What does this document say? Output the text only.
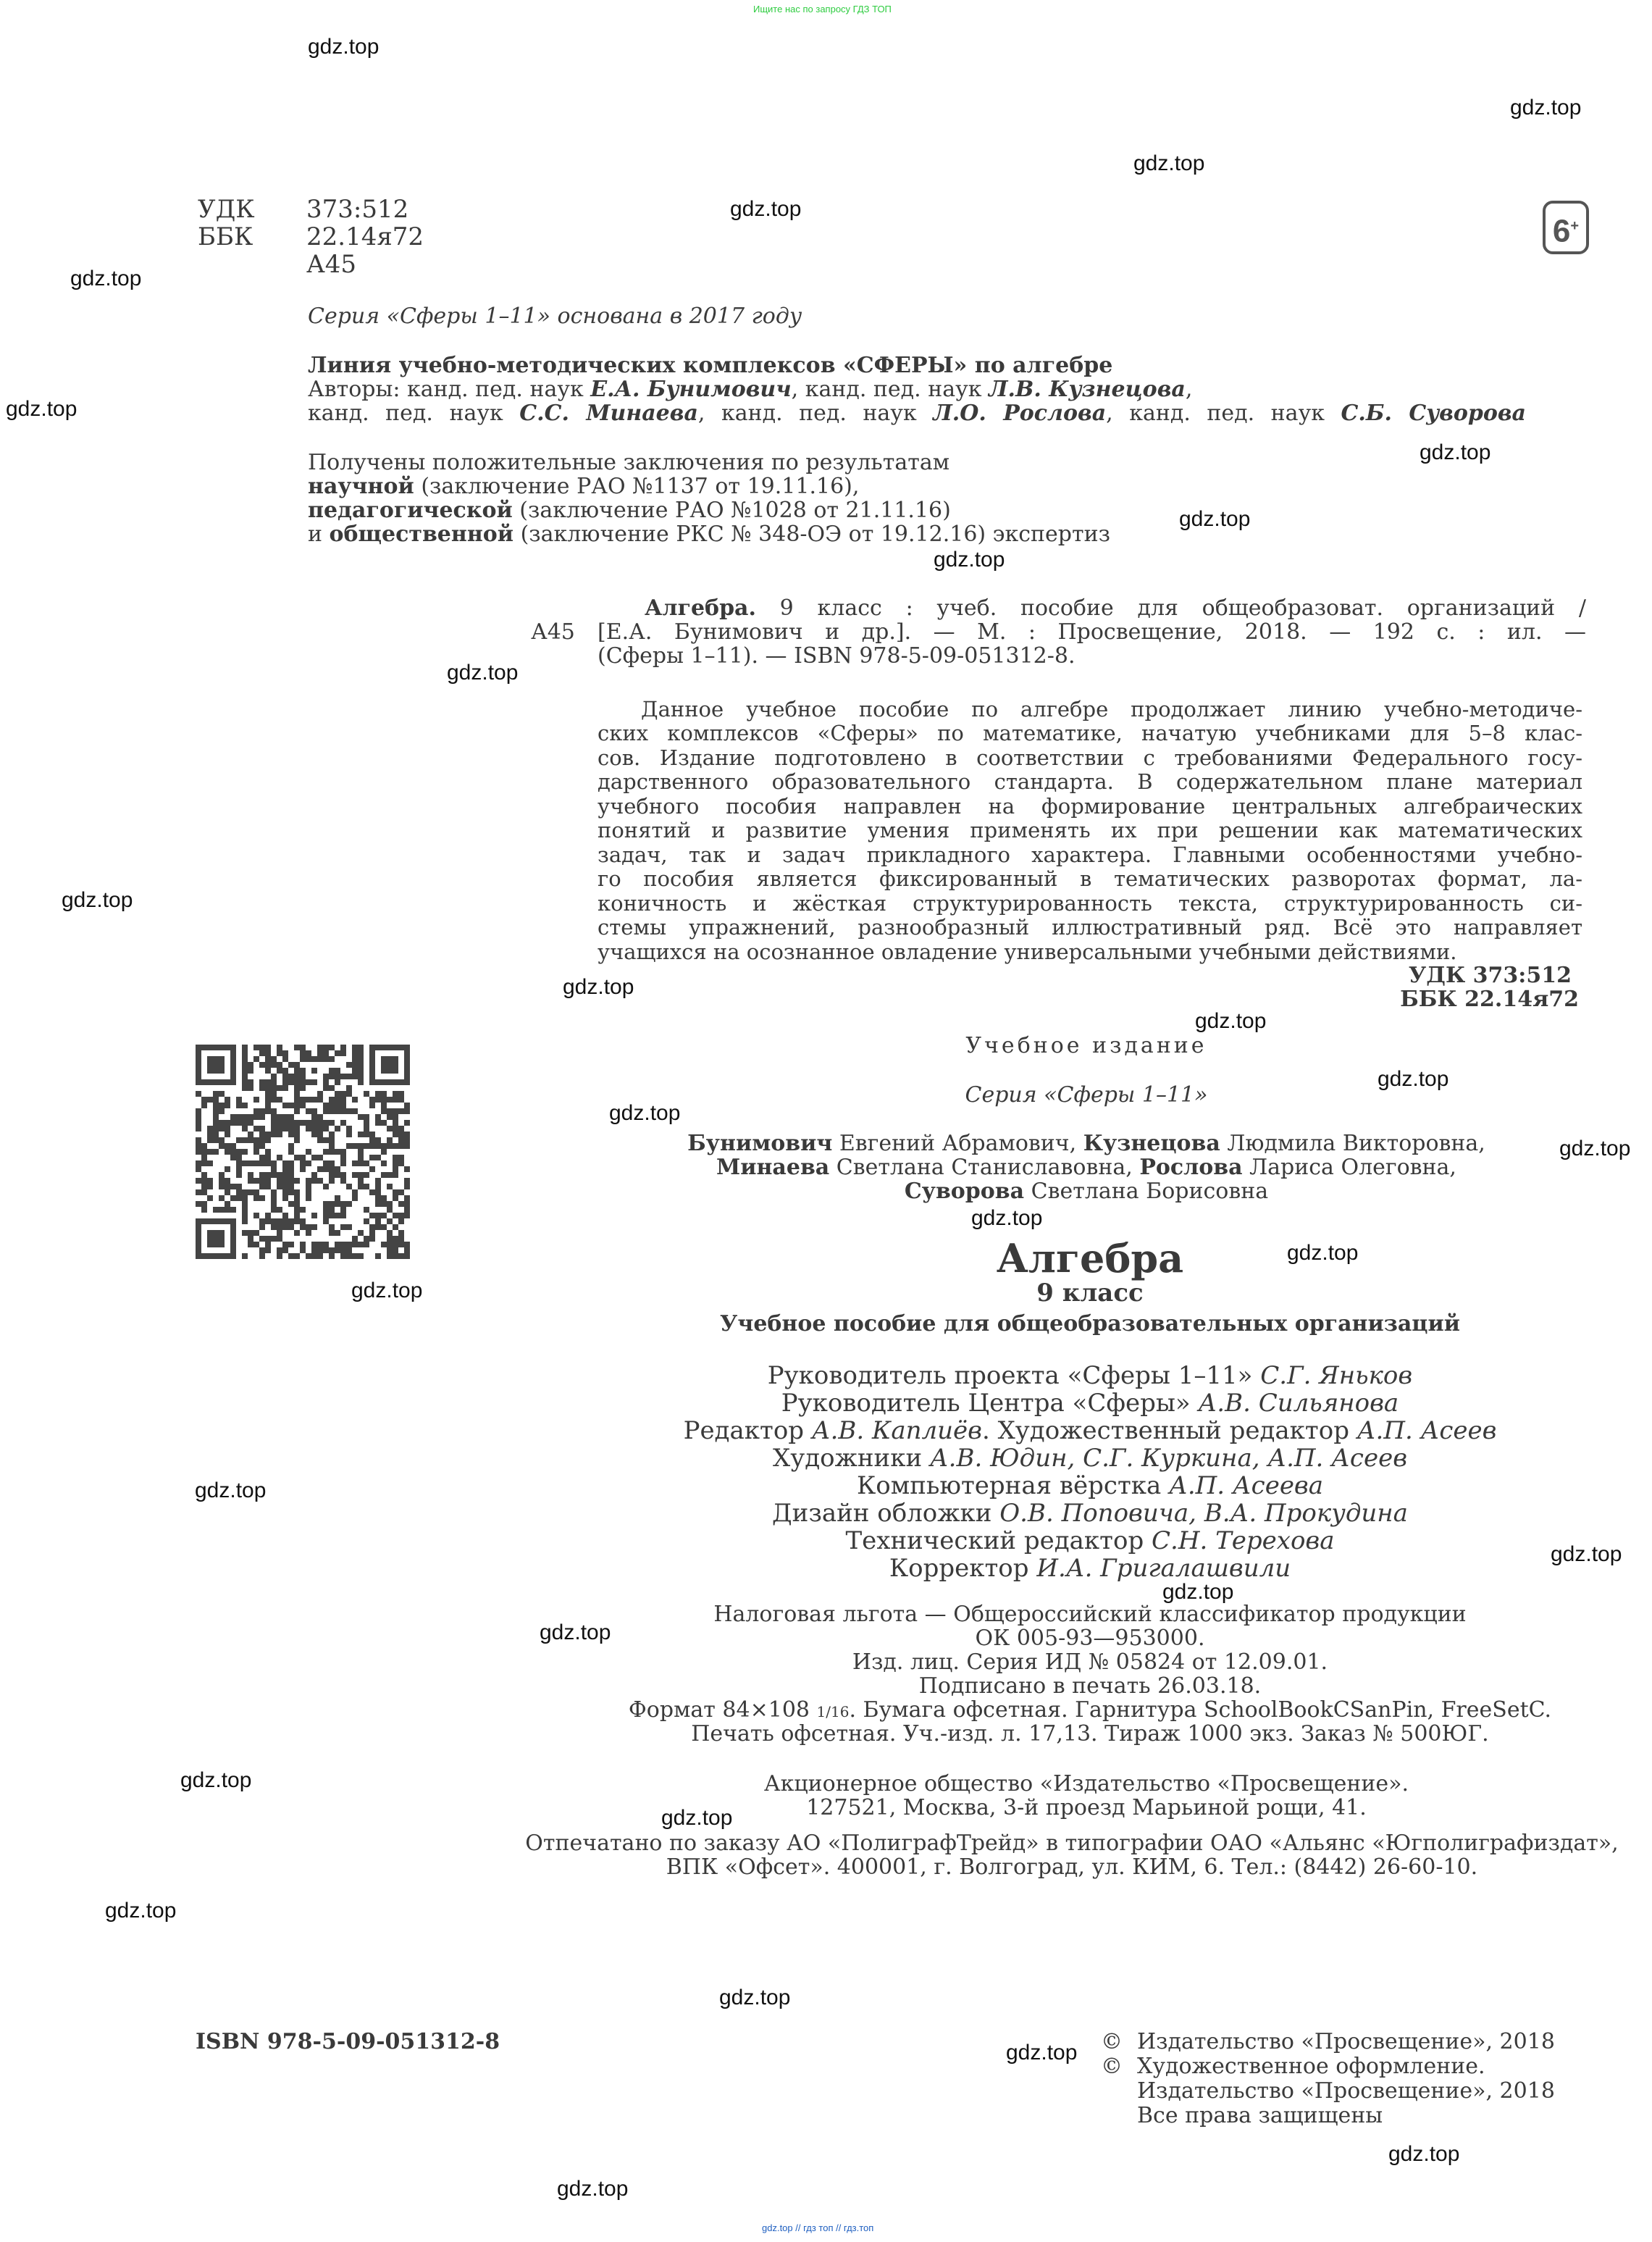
Ищите нас по запросу ГДЗ ТОП
gdz.top
gdz.top
gdz.top
gdz.top
gdz.top
gdz.top
gdz.top
gdz.top
gdz.top
gdz.top
gdz.top
gdz.top
gdz.top
gdz.top
gdz.top
gdz.top
gdz.top
gdz.top
gdz.top
gdz.top
gdz.top
gdz.top
gdz.top
gdz.top
gdz.top
gdz.top
gdz.top
gdz.top
gdz.top
gdz.top
6+
УДК 373:512
ББК 22.14я72
А45
Серия «Сферы 1–11» основана в 2017 году
Линия учебно-методических комплексов «СФЕРЫ» по алгебре
Авторы: канд. пед. наук Е.А. Бунимович, канд. пед. наук Л.В. Кузнецова,
канд. пед. наук С.С. Минаева, канд. пед. наук Л.О. Рослова, канд. пед. наук С.Б. Суворова
Получены положительные заключения по результатам
научной (заключение РАО №1137 от 19.11.16),
педагогической (заключение РАО №1028 от 21.11.16)
и общественной (заключение РКС № 348-ОЭ от 19.12.16) экспертиз
Алгебра. 9 класс : учеб. пособие для общеобразоват. организаций /
А45 [Е.А. Бунимович и др.]. — М. : Просвещение, 2018. — 192 с. : ил. —
(Сферы 1–11). — ISBN 978-5-09-051312-8.
Данное учебное пособие по алгебре продолжает линию учебно-методиче-
ских комплексов «Сферы» по математике, начатую учебниками для 5–8 клас-
сов. Издание подготовлено в соответствии с требованиями Федерального госу-
дарственного образовательного стандарта. В содержательном плане материал
учебного пособия направлен на формирование центральных алгебраических
понятий и развитие умения применять их при решении как математических
задач, так и задач прикладного характера. Главными особенностями учебно-
го пособия является фиксированный в тематических разворотах формат, ла-
коничность и жёсткая структурированность текста, структурированность си-
стемы упражнений, разнообразный иллюстративный ряд. Всё это направляет
учащихся на осознанное овладение универсальными учебными действиями.
УДК 373:512
ББК 22.14я72
Учебное издание
Серия «Сферы 1–11»
Бунимович Евгений Абрамович, Кузнецова Людмила Викторовна,
Минаева Светлана Станиславовна, Рослова Лариса Олеговна,
Суворова Светлана Борисовна
Алгебра
9 класс
Учебное пособие для общеобразовательных организаций
Руководитель проекта «Сферы 1–11» С.Г. Яньков
Руководитель Центра «Сферы» А.В. Сильянова
Редактор А.В. Каплиёв. Художественный редактор А.П. Асеев
Художники А.В. Юдин, С.Г. Куркина, А.П. Асеев
Компьютерная вёрстка А.П. Асеева
Дизайн обложки О.В. Поповича, В.А. Прокудина
Технический редактор С.Н. Терехова
Корректор И.А. Григалашвили
Налоговая льгота — Общероссийский классификатор продукции
ОК 005-93—953000.
Изд. лиц. Серия ИД № 05824 от 12.09.01.
Подписано в печать 26.03.18.
Формат 84×108 1/16. Бумага офсетная. Гарнитура SchoolBookCSanPin, FreeSetC.
Печать офсетная. Уч.-изд. л. 17,13. Тираж 1000 экз. Заказ № 500ЮГ.
Акционерное общество «Издательство «Просвещение».
127521, Москва, 3-й проезд Марьиной рощи, 41.
Отпечатано по заказу АО «ПолиграфТрейд» в типографии ОАО «Альянс «Югполиграфиздат»,
ВПК «Офсет». 400001, г. Волгоград, ул. КИМ, 6. Тел.: (8442) 26-60-10.
ISBN 978-5-09-051312-8	© Издательство «Просвещение», 2018
© Художественное оформление.
Издательство «Просвещение», 2018
Все права защищены
gdz.top // гдз топ // гдз.топ
